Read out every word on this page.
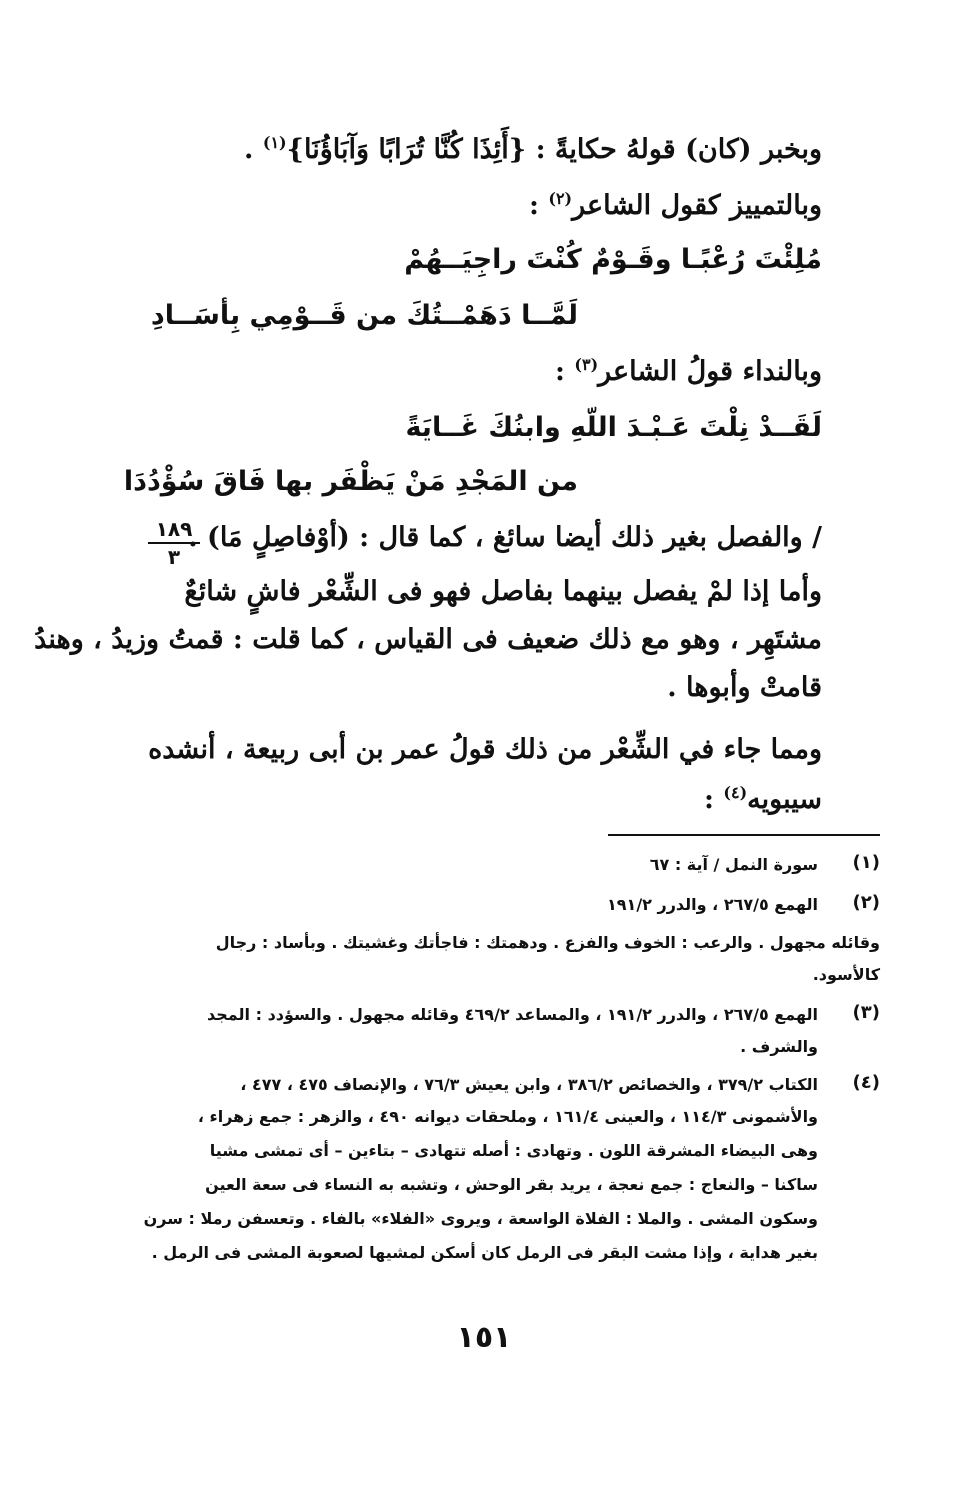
وبخبر (كان) قولهُ حكايةً : {أَئِذَا كُنَّا تُرَابًا وَآبَاؤُنَا}$^{(١)}$ .
وبالتمييز كقول الشاعر$^{(٢)}$ :
مُلِئْتَ رُعْبًـا وقَـوْمٌ كُنْتَ راجِيَــهُمْ
لَمَّــا دَهَمْــتُكَ من قَــوْمِي بِأسَــادِ
وبالنداء قولُ الشاعر$^{(٣)}$ :
لَقَــدْ نِلْتَ عَـبْـدَ اللّهِ وابنُكَ غَــايَةً
من المَجْدِ مَنْ يَظْفَر بها فَاقَ سُؤْدُدَا
/ والفصل بغير ذلك أيضا سائغ ، كما قال : (أوْفاصِلٍ مَا) .
١٨٩
٣
وأما إذا لمْ يفصل بينهما بفاصل فهو فى الشِّعْر فاشٍ شائعٌ
مشتَهِر ، وهو مع ذلك ضعيف فى القياس ، كما قلت : قمتُ وزيدُ ، وهندُ
قامتْ وأبوها .
ومما جاء في الشِّعْر من ذلك قولُ عمر بن أبى ربيعة ، أنشده
سيبويه$^{(٤)}$ :
(١)
سورة النمل / آية : ٦٧
(٢)
الهمع ٢٦٧/٥ ، والدرر ١٩١/٢
وقائله مجهول . والرعب : الخوف والفزع . ودهمتك : فاجأتك وغشيتك . وبأساد : رجال
كالأسود.
(٣)
الهمع ٢٦٧/٥ ، والدرر ١٩١/٢ ، والمساعد ٤٦٩/٢ وقائله مجهول . والسؤدد : المجد
والشرف .
(٤)
الكتاب ٣٧٩/٢ ، والخصائص ٣٨٦/٢ ، وابن يعيش ٧٦/٣ ، والإنصاف ٤٧٥ ، ٤٧٧ ،
والأشمونى ١١٤/٣ ، والعينى ١٦١/٤ ، وملحقات ديوانه ٤٩٠ ، والزهر : جمع زهراء ،
وهى البيضاء المشرقة اللون . وتهادى : أصله تتهادى – بتاءين – أى تمشى مشيا
ساكنا – والنعاج : جمع نعجة ، يريد بقر الوحش ، وتشبه به النساء فى سعة العين
وسكون المشى . والملا : الفلاة الواسعة ، ويروى «الفلاء» بالفاء . وتعسفن رملا : سرن
بغير هداية ، وإذا مشت البقر فى الرمل كان أسكن لمشيها لصعوبة المشى فى الرمل .
١٥١
